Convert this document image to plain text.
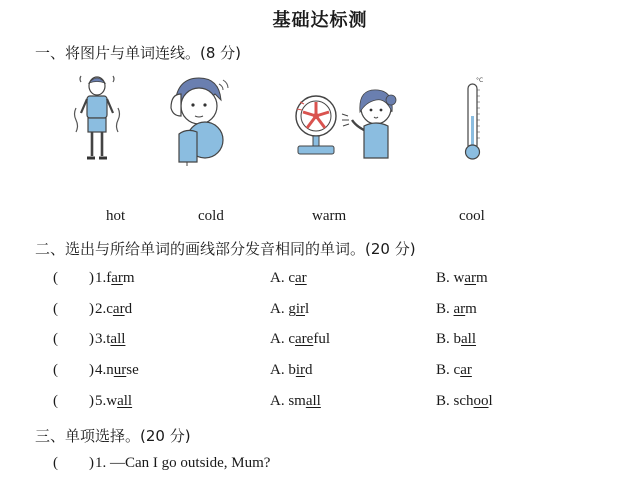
基础达标测
一、将图片与单词连线。(8 分)
°C
hot	cold	warm	cool
二、选出与所给单词的画线部分发音相同的单词。(20 分)
( ) 1.farm	A. car	B. warm
( ) 2.card	A. girl	B. arm
( ) 3.tall	A. careful	B. ball
( ) 4.nurse	A. bird	B. car
( ) 5.wall	A. small	B. school
三、单项选择。(20 分)
( ) 1. —Can I go outside, Mum?
